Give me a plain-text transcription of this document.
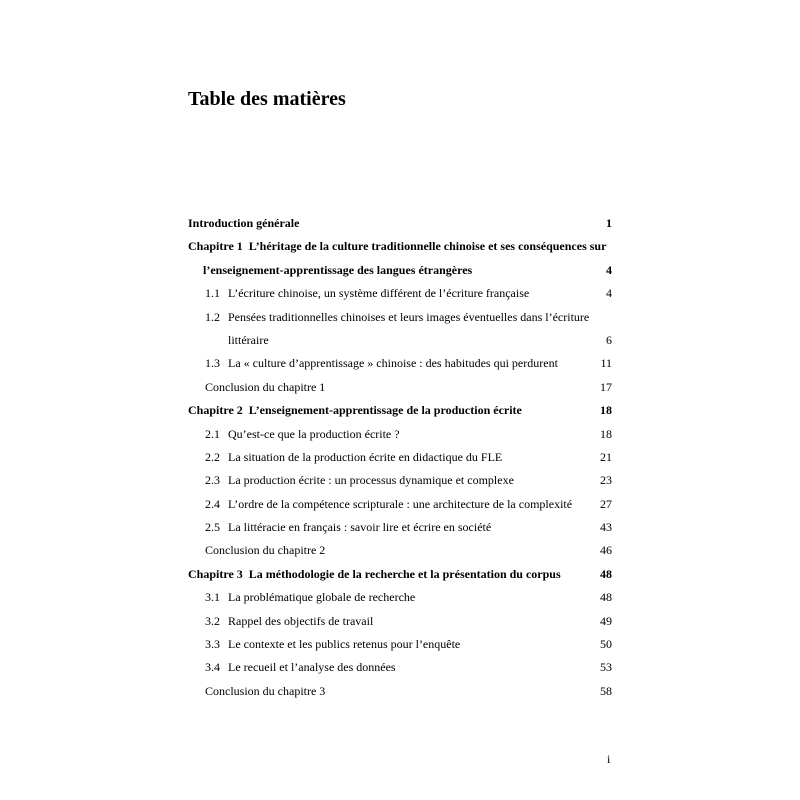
Table des matières
Introduction générale	1
Chapitre 1 L’héritage de la culture traditionnelle chinoise et ses conséquences sur
l’enseignement-apprentissage des langues étrangères	4
1.1 L’écriture chinoise, un système différent de l’écriture française	4
1.2 Pensées traditionnelles chinoises et leurs images éventuelles dans l’écriture
littéraire	6
1.3 La « culture d’apprentissage » chinoise : des habitudes qui perdurent	11
Conclusion du chapitre 1	17
Chapitre 2 L’enseignement-apprentissage de la production écrite	18
2.1 Qu’est-ce que la production écrite ?	18
2.2 La situation de la production écrite en didactique du FLE	21
2.3 La production écrite : un processus dynamique et complexe	23
2.4 L’ordre de la compétence scripturale : une architecture de la complexité 27
2.5 La littéracie en français : savoir lire et écrire en société	43
Conclusion du chapitre 2	46
Chapitre 3 La méthodologie de la recherche et la présentation du corpus	48
3.1 La problématique globale de recherche	48
3.2 Rappel des objectifs de travail	49
3.3 Le contexte et les publics retenus pour l’enquête	50
3.4 Le recueil et l’analyse des données	53
Conclusion du chapitre 3	58
i
